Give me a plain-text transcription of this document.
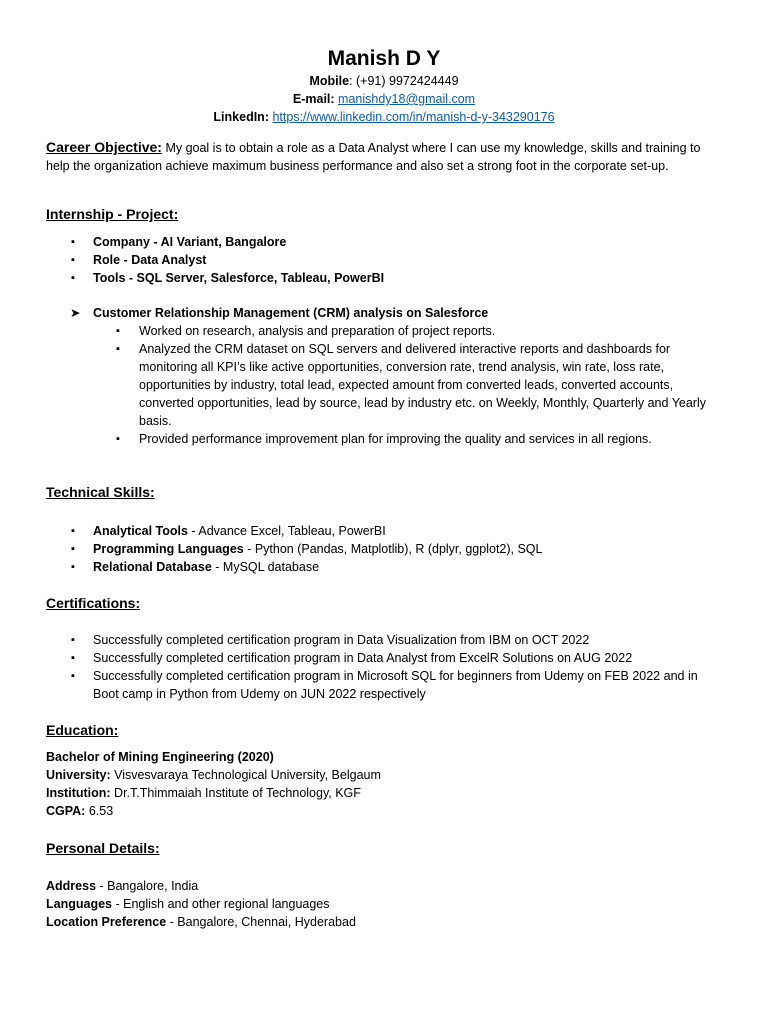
Manish D Y
Mobile: (+91) 9972424449
E-mail: manishdy18@gmail.com
LinkedIn: https://www.linkedin.com/in/manish-d-y-343290176
Career Objective: My goal is to obtain a role as a Data Analyst where I can use my knowledge, skills and training to help the organization achieve maximum business performance and also set a strong foot in the corporate set-up.
Internship - Project:
▪ Company - AI Variant, Bangalore
▪ Role - Data Analyst
▪ Tools - SQL Server, Salesforce, Tableau, PowerBI
➤ Customer Relationship Management (CRM) analysis on Salesforce
▪ Worked on research, analysis and preparation of project reports.
▪ Analyzed the CRM dataset on SQL servers and delivered interactive reports and dashboards for monitoring all KPI’s like active opportunities, conversion rate, trend analysis, win rate, loss rate, opportunities by industry, total lead, expected amount from converted leads, converted accounts, converted opportunities, lead by source, lead by industry etc. on Weekly, Monthly, Quarterly and Yearly basis.
▪ Provided performance improvement plan for improving the quality and services in all regions.
Technical Skills:
▪ Analytical Tools - Advance Excel, Tableau, PowerBI
▪ Programming Languages - Python (Pandas, Matplotlib), R (dplyr, ggplot2), SQL
▪ Relational Database - MySQL database
Certifications:
▪ Successfully completed certification program in Data Visualization from IBM on OCT 2022
▪ Successfully completed certification program in Data Analyst from ExcelR Solutions on AUG 2022
▪ Successfully completed certification program in Microsoft SQL for beginners from Udemy on FEB 2022 and in Boot camp in Python from Udemy on JUN 2022 respectively
Education:
Bachelor of Mining Engineering (2020)
University: Visvesvaraya Technological University, Belgaum
Institution: Dr.T.Thimmaiah Institute of Technology, KGF
CGPA: 6.53
Personal Details:
Address - Bangalore, India
Languages - English and other regional languages
Location Preference - Bangalore, Chennai, Hyderabad
